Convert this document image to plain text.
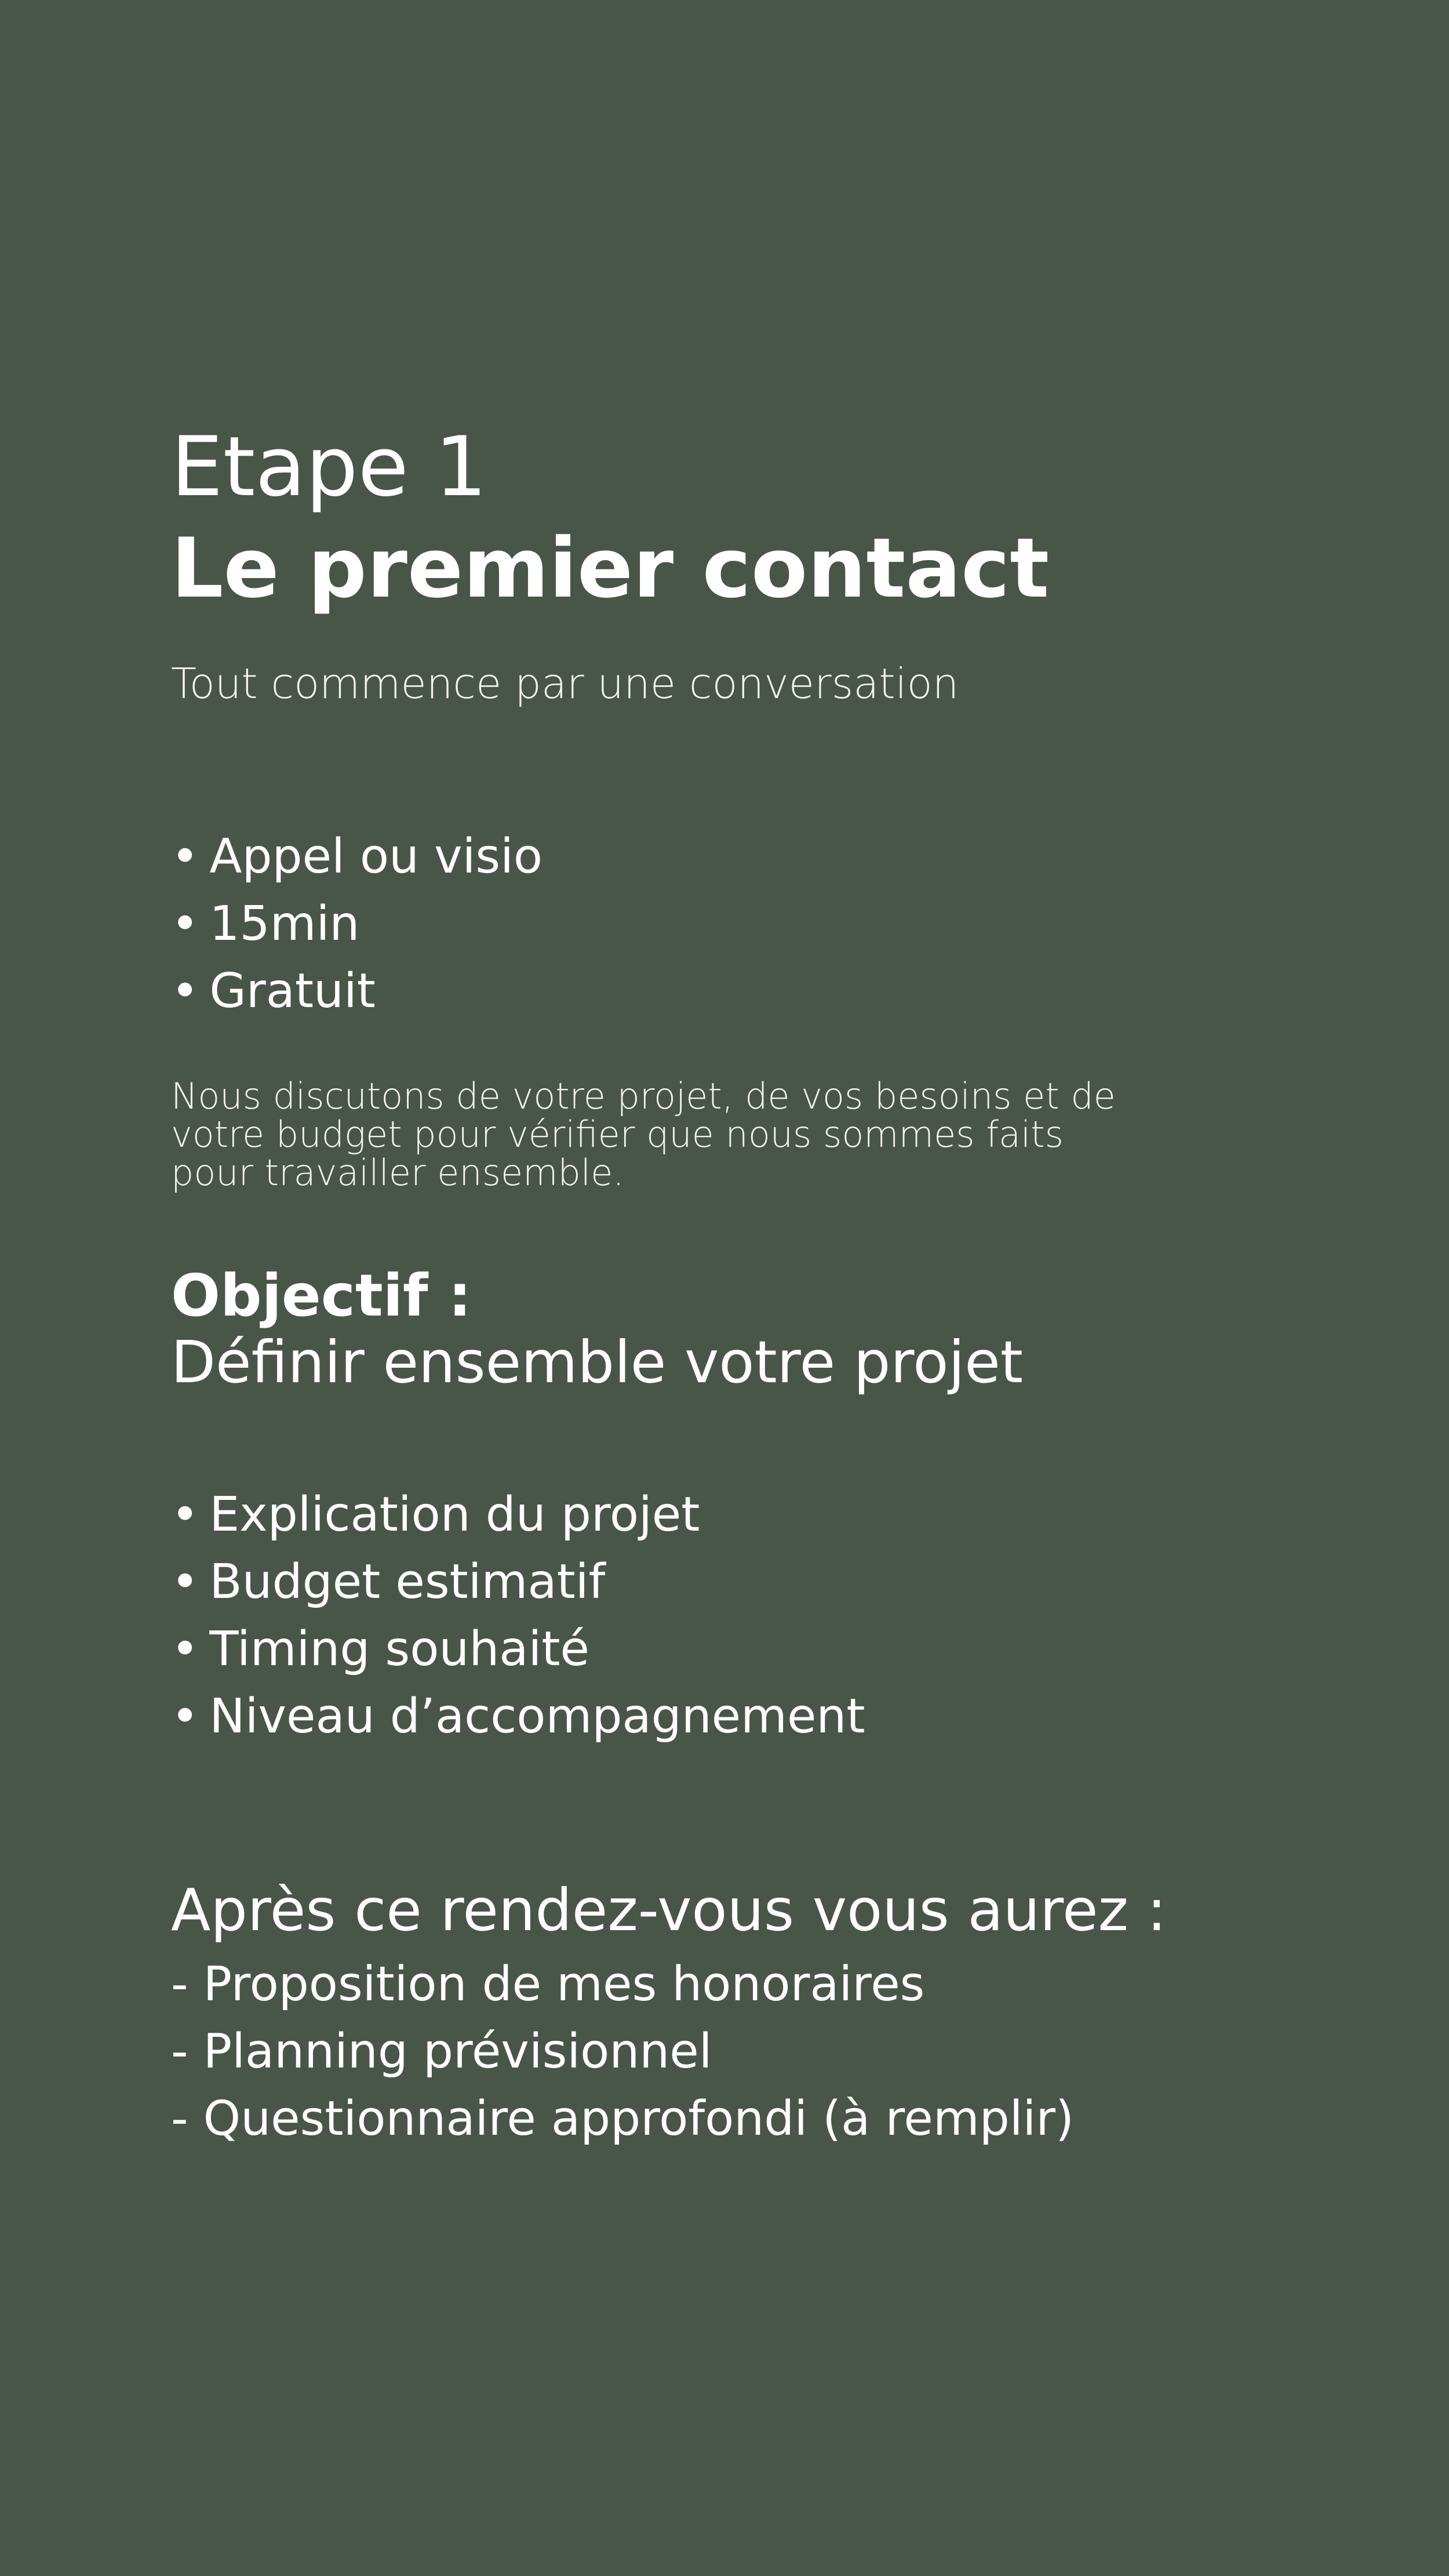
Etape 1
Le premier contact

Tout commence par une conversation

• Appel ou visio
• 15min
• Gratuit

Nous discutons de votre projet, de vos besoins et de votre budget pour vérifier que nous sommes faits pour travailler ensemble.

Objectif :

Définir ensemble votre projet

• Explication du projet
• Budget estimatif
• Timing souhaité
• Niveau d’accompagnement
Après ce rendez-vous vous aurez :
- Proposition de mes honoraires
- Planning prévisionnel
- Questionnaire approfondi (à remplir)
